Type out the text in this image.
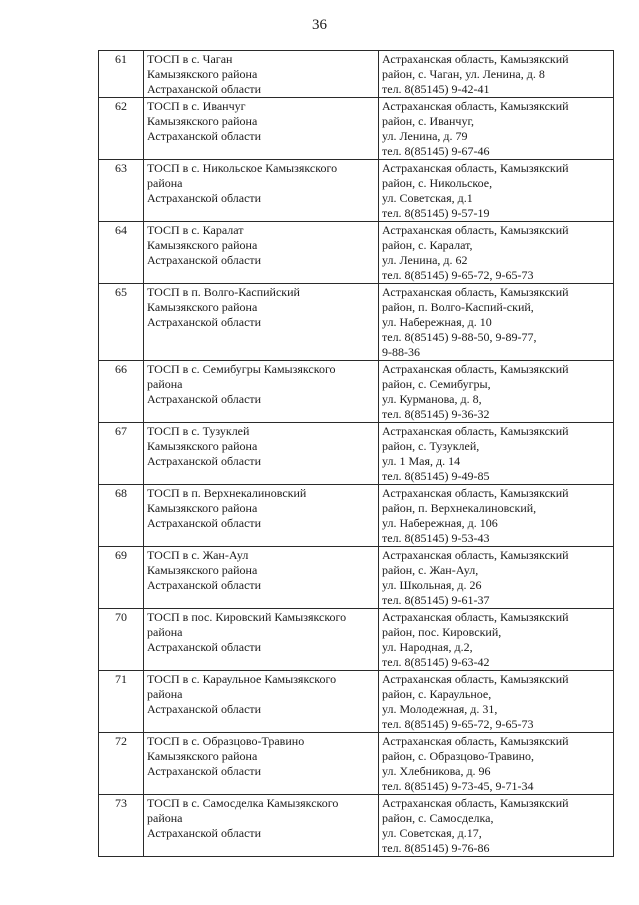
36
61	ТОСП в с. Чаган
Камызякского района
Астраханской области	Астраханская область, Камызякский
район, с. Чаган, ул. Ленина, д. 8
тел. 8(85145) 9-42-41

62	ТОСП в с. Иванчуг
Камызякского района
Астраханской области	Астраханская область, Камызякский
район, с. Иванчуг,
ул. Ленина, д. 79
тел. 8(85145) 9-67-46

63	ТОСП в с. Никольское Камызякского
района
Астраханской области	Астраханская область, Камызякский
район, с. Никольское,
ул. Советская, д.1
тел. 8(85145) 9-57-19

64	ТОСП в с. Каралат
Камызякского района
Астраханской области	Астраханская область, Камызякский
район, с. Каралат,
ул. Ленина, д. 62
тел. 8(85145) 9-65-72, 9-65-73

65	ТОСП в п. Волго-Каспийский
Камызякского района
Астраханской области	Астраханская область, Камызякский
район, п. Волго-Каспий-ский,
ул. Набережная, д. 10
тел. 8(85145) 9-88-50, 9-89-77,
9-88-36

66	ТОСП в с. Семибугры Камызякского
района
Астраханской области	Астраханская область, Камызякский
район, с. Семибугры,
ул. Курманова, д. 8,
тел. 8(85145) 9-36-32

67	ТОСП в с. Тузуклей
Камызякского района
Астраханской области	Астраханская область, Камызякский
район, с. Тузуклей,
ул. 1 Мая, д. 14
тел. 8(85145) 9-49-85

68	ТОСП в п. Верхнекалиновский
Камызякского района
Астраханской области	Астраханская область, Камызякский
район, п. Верхнекалиновский,
ул. Набережная, д. 106
тел. 8(85145) 9-53-43

69	ТОСП в с. Жан-Аул
Камызякского района
Астраханской области	Астраханская область, Камызякский
район, с. Жан-Аул,
ул. Школьная, д. 26
тел. 8(85145) 9-61-37

70	ТОСП в пос. Кировский Камызякского
района
Астраханской области	Астраханская область, Камызякский
район, пос. Кировский,
ул. Народная, д.2,
тел. 8(85145) 9-63-42

71	ТОСП в с. Караульное Камызякского
района
Астраханской области	Астраханская область, Камызякский
район, с. Караульное,
ул. Молодежная, д. 31,
тел. 8(85145) 9-65-72, 9-65-73

72	ТОСП в с. Образцово-Травино
Камызякского района
Астраханской области	Астраханская область, Камызякский
район, с. Образцово-Травино,
ул. Хлебникова, д. 96
тел. 8(85145) 9-73-45, 9-71-34

73	ТОСП в с. Самосделка Камызякского
района
Астраханской области	Астраханская область, Камызякский
район, с. Самосделка,
ул. Советская, д.17,
тел. 8(85145) 9-76-86
